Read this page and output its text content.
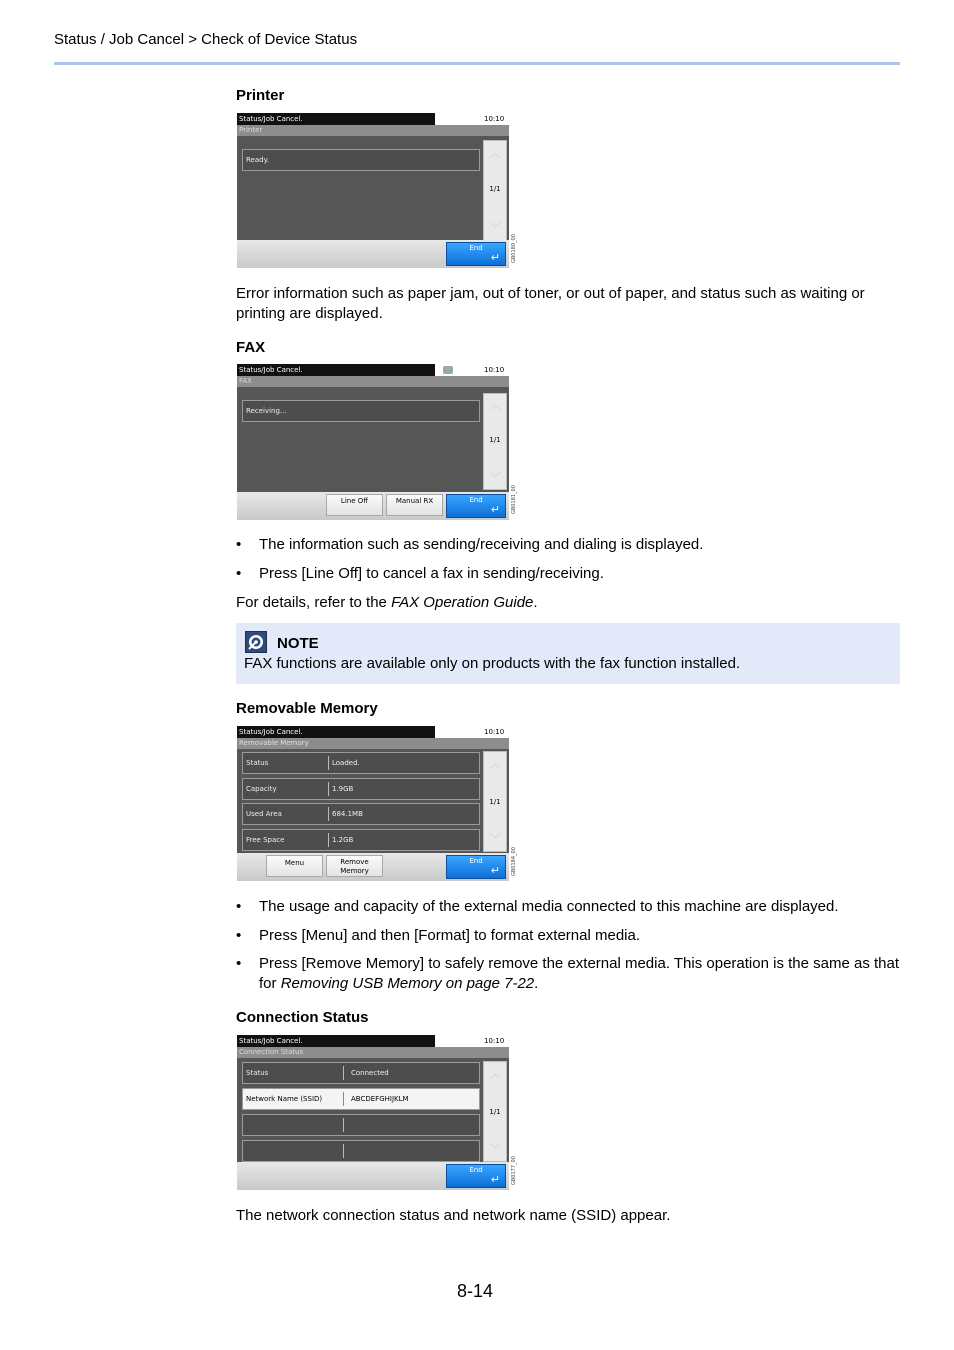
Status / Job Cancel > Check of Device Status
Printer
Status/Job Cancel.	10:10
Printer
Ready.	︿
1/1
﹀
End
↵ GB0180_00
Error information such as paper jam, out of toner, or out of paper, and status such as waiting or printing are displayed.
FAX
Status/Job Cancel.	10:10
FAX
Receiving...	︿
1/1
﹀
Line Off	Manual RX	End
↵ GB0181_00
•	The information such as sending/receiving and dialing is displayed.
•	Press [Line Off] to cancel a fax in sending/receiving.
For details, refer to the FAX Operation Guide.
NOTE
FAX functions are available only on products with the fax function installed.
Removable Memory
Status/Job Cancel.	10:10
Removable Memory
Status	Loaded.
Capacity	1.9GB
Used Area	684.1MB
Free Space	1.2GB
︿
1/1
﹀
Menu	Remove
Memory
End
↵ GB0184_00
•	The usage and capacity of the external media connected to this machine are displayed.
•	Press [Menu] and then [Format] to format external media.
•	Press [Remove Memory] to safely remove the external media. This operation is the same as that for Removing USB Memory on page 7-22.
Connection Status
Status/Job Cancel.	10:10
Connection Status
Status	Connected
Network Name (SSID)	ABCDEFGHIJKLM
︿
1/1
﹀
End
↵ GB0177_00
The network connection status and network name (SSID) appear.
8-14
